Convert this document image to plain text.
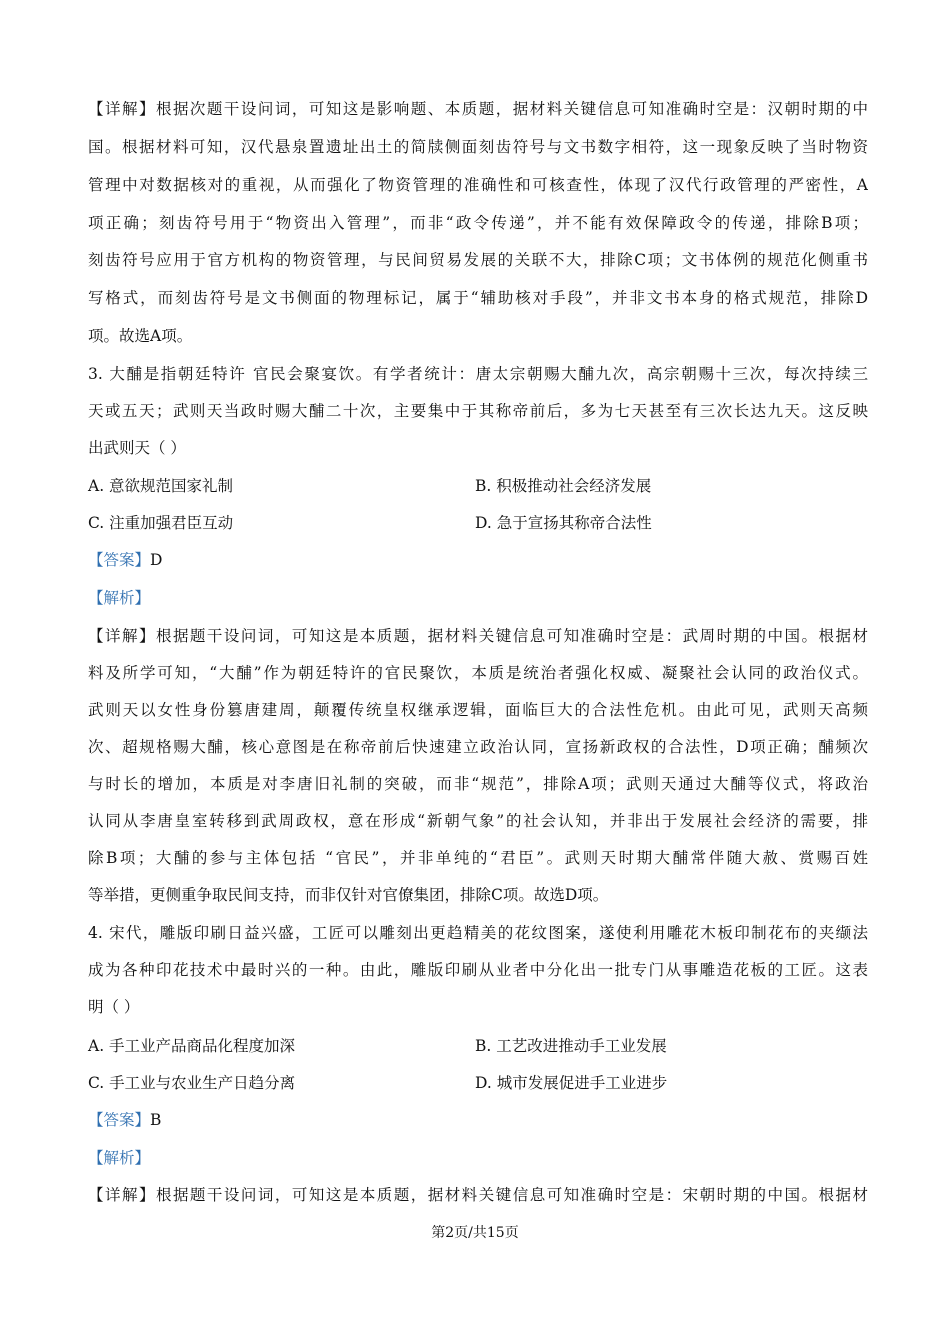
【详解】根据次题干设问词，可知这是影响题、本质题，据材料关键信息可知准确时空是：汉朝时期的中
国。根据材料可知，汉代悬泉置遗址出土的简牍侧面刻齿符号与文书数字相符，这一现象反映了当时物资
管理中对数据核对的重视，从而强化了物资管理的准确性和可核查性，体现了汉代行政管理的严密性，A
项正确；刻齿符号用于“物资出入管理”，而非“政令传递”，并不能有效保障政令的传递，排除B项；
刻齿符号应用于官方机构的物资管理，与民间贸易发展的关联不大，排除C项；文书体例的规范化侧重书
写格式，而刻齿符号是文书侧面的物理标记，属于“辅助核对手段”，并非文书本身的格式规范，排除D
项。故选A项。
3. 大酺是指朝廷特许 官民会聚宴饮。有学者统计：唐太宗朝赐大酺九次，高宗朝赐十三次，每次持续三
天或五天；武则天当政时赐大酺二十次，主要集中于其称帝前后，多为七天甚至有三次长达九天。这反映
出武则天（ ）
A. 意欲规范国家礼制	B. 积极推动社会经济发展
C. 注重加强君臣互动	D. 急于宣扬其称帝合法性
【答案】D
【解析】
【详解】根据题干设问词，可知这是本质题，据材料关键信息可知准确时空是：武周时期的中国。根据材
料及所学可知，“大酺”作为朝廷特许的官民聚饮，本质是统治者强化权威、凝聚社会认同的政治仪式。
武则天以女性身份篡唐建周，颠覆传统皇权继承逻辑，面临巨大的合法性危机。由此可见，武则天高频
次、超规格赐大酺，核心意图是在称帝前后快速建立政治认同，宣扬新政权的合法性，D项正确；酺频次
与时长的增加，本质是对李唐旧礼制的突破，而非“规范”，排除A项；武则天通过大酺等仪式，将政治
认同从李唐皇室转移到武周政权，意在形成“新朝气象”的社会认知，并非出于发展社会经济的需要，排
除B项；大酺的参与主体包括 “官民”，并非单纯的“君臣”。武则天时期大酺常伴随大赦、赏赐百姓
等举措，更侧重争取民间支持，而非仅针对官僚集团，排除C项。故选D项。
4. 宋代，雕版印刷日益兴盛，工匠可以雕刻出更趋精美的花纹图案，遂使利用雕花木板印制花布的夹缬法
成为各种印花技术中最时兴的一种。由此，雕版印刷从业者中分化出一批专门从事雕造花板的工匠。这表
明（ ）
A. 手工业产品商品化程度加深	B. 工艺改进推动手工业发展
C. 手工业与农业生产日趋分离	D. 城市发展促进手工业进步
【答案】B
【解析】
【详解】根据题干设问词，可知这是本质题，据材料关键信息可知准确时空是：宋朝时期的中国。根据材
第2页/共15页
